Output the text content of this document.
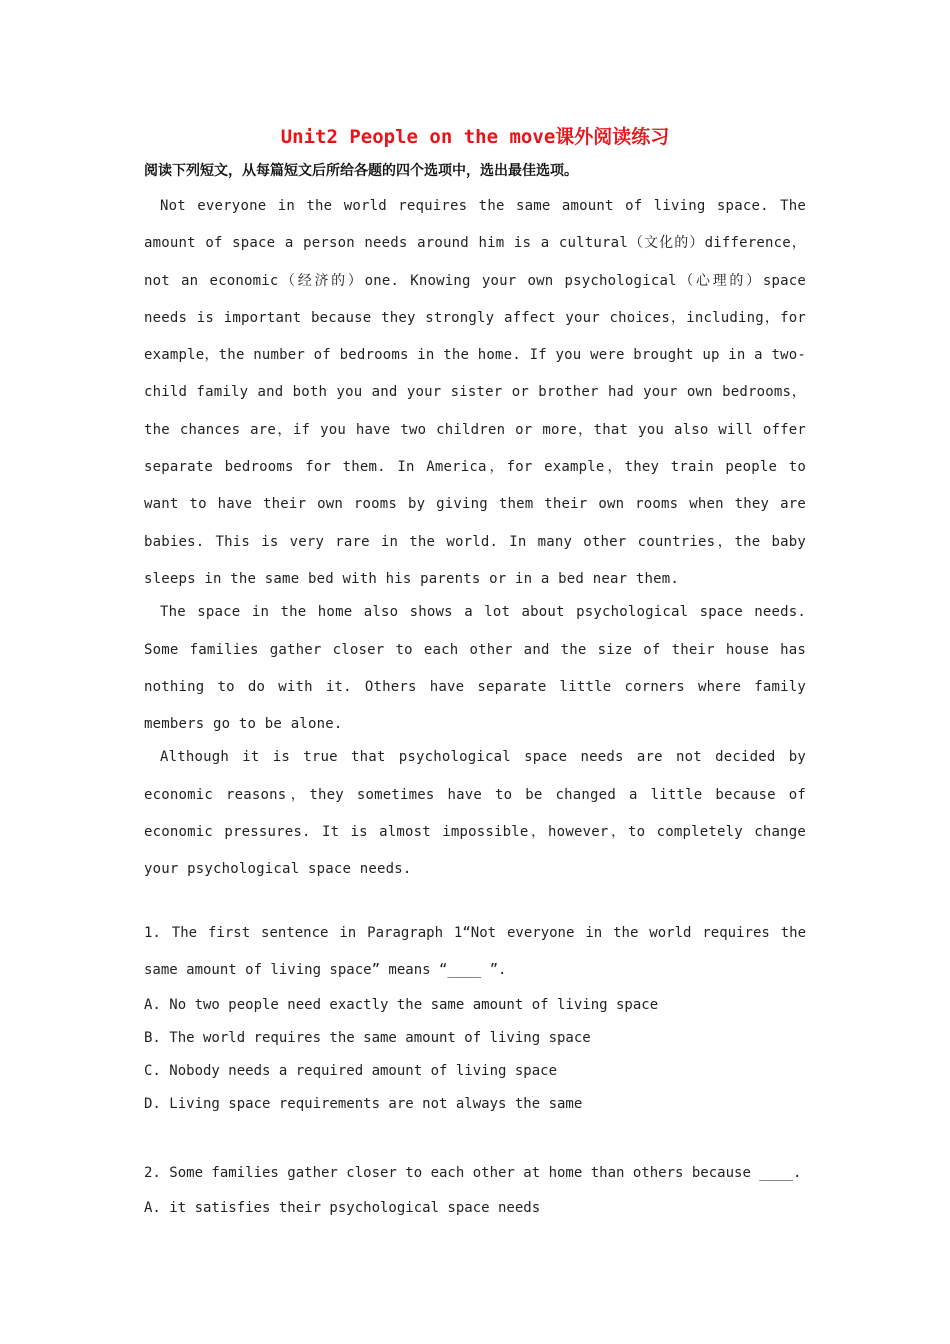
Unit2 People on the move课外阅读练习

阅读下列短文，从每篇短文后所给各题的四个选项中，选出最佳选项。

Not everyone in the world requires the same amount of living space. The amount of space a person needs around him is a cultural（文化的）difference，not an economic（经济的）one. Knowing your own psychological（心理的）space needs is important because they strongly affect your choices，including，for example，the number of bedrooms in the home. If you were brought up in a two-child family and both you and your sister or brother had your own bedrooms，the chances are，if you have two children or more，that you also will offer separate bedrooms for them. In America，for example，they train people to want to have their own rooms by giving them their own rooms when they are babies. This is very rare in the world. In many other countries，the baby sleeps in the same bed with his parents or in a bed near them.

The space in the home also shows a lot about psychological space needs. Some families gather closer to each other and the size of their house has nothing to do with it. Others have separate little corners where family members go to be alone.

Although it is true that psychological space needs are not decided by economic reasons，they sometimes have to be changed a little because of economic pressures. It is almost impossible，however，to completely change your psychological space needs.

1. The first sentence in Paragraph 1“Not everyone in the world requires the same amount of living space” means “____ ”.

A. No two people need exactly the same amount of living space

B. The world requires the same amount of living space

C. Nobody needs a required amount of living space

D. Living space requirements are not always the same

2. Some families gather closer to each other at home than others because ____.

A. it satisfies their psychological space needs
